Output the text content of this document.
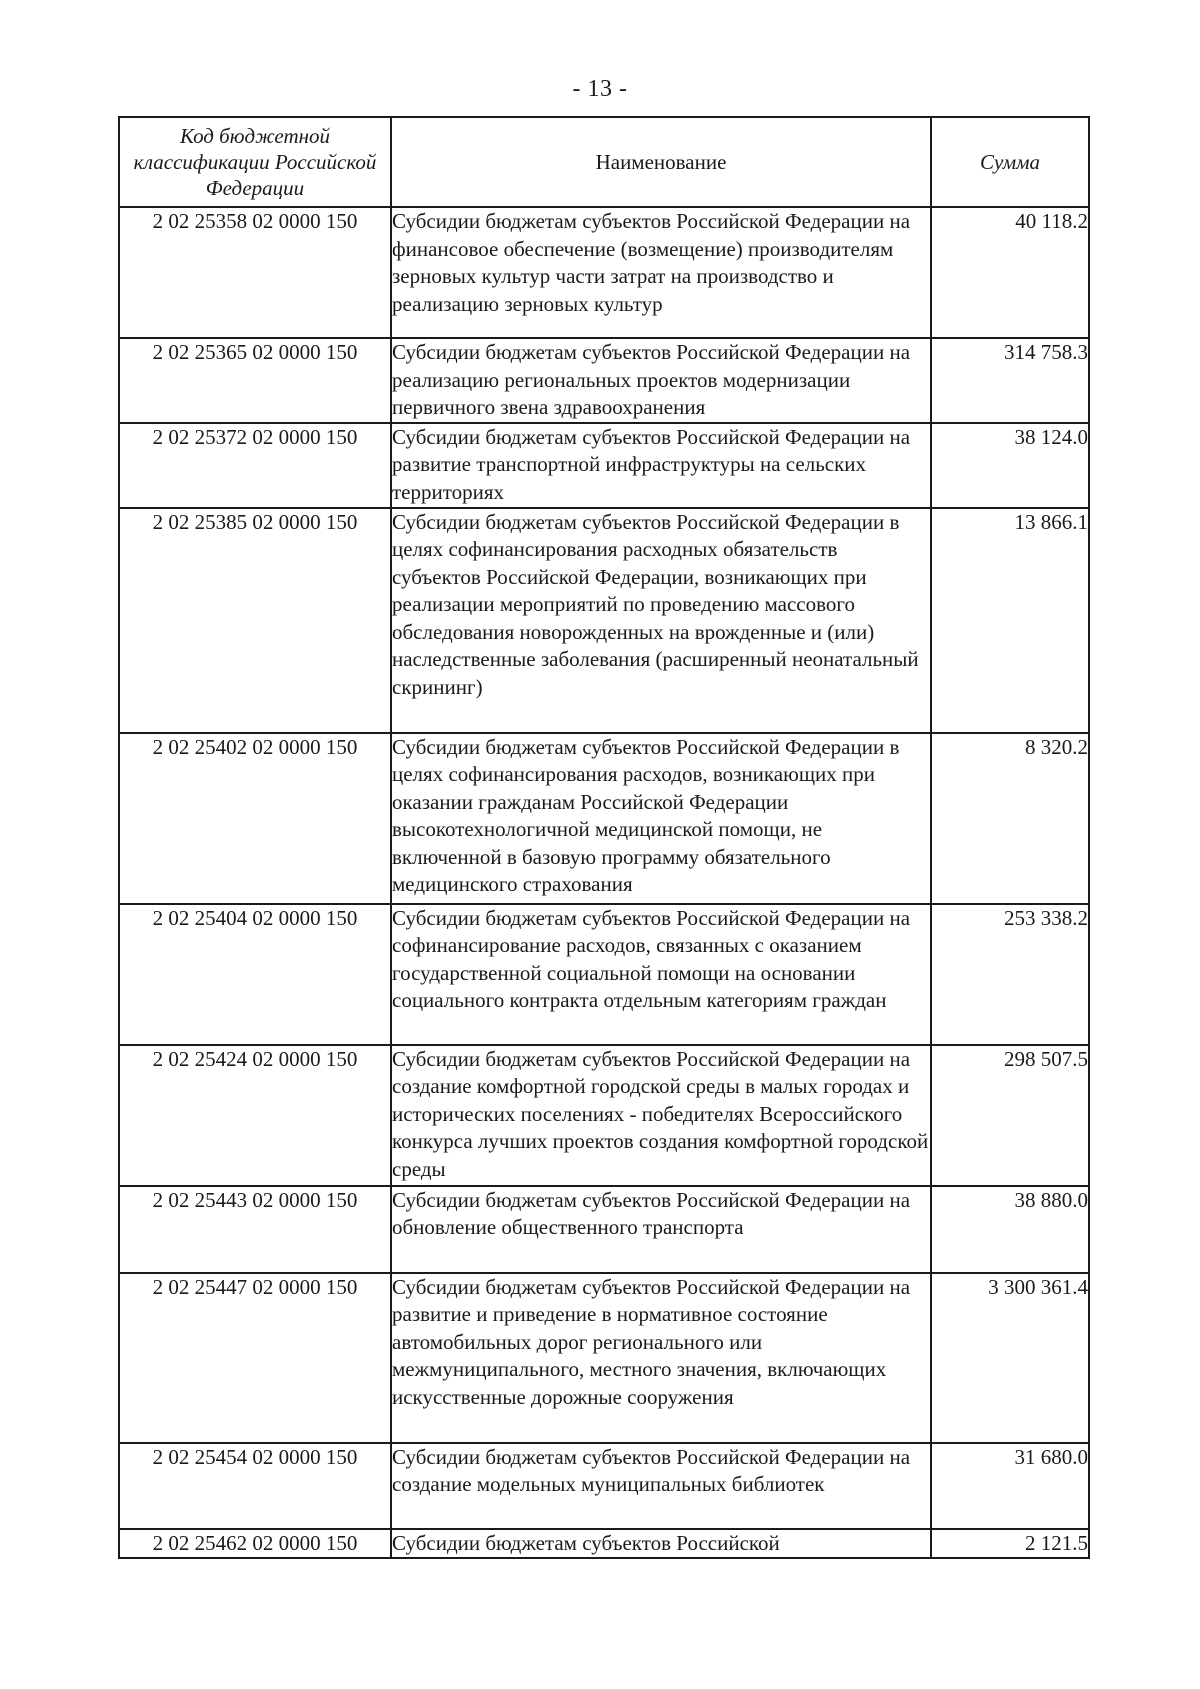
- 13 -
Код бюджетной классификации Российской Федерации	Наименование	Сумма
2 02 25358 02 0000 150	Субсидии бюджетам субъектов Российской Федерации на финансовое обеспечение (возмещение) производителям зерновых культур части затрат на производство и реализацию зерновых культур	40 118.2
2 02 25365 02 0000 150	Субсидии бюджетам субъектов Российской Федерации на реализацию региональных проектов модернизации первичного звена здравоохранения	314 758.3
2 02 25372 02 0000 150	Субсидии бюджетам субъектов Российской Федерации на развитие транспортной инфраструктуры на сельских территориях	38 124.0
2 02 25385 02 0000 150	Субсидии бюджетам субъектов Российской Федерации в целях софинансирования расходных обязательств субъектов Российской Федерации, возникающих при реализации мероприятий по проведению массового обследования новорожденных на врожденные и (или) наследственные заболевания (расширенный неонатальный скрининг)	13 866.1
2 02 25402 02 0000 150	Субсидии бюджетам субъектов Российской Федерации в целях софинансирования расходов, возникающих при оказании гражданам Российской Федерации высокотехнологичной медицинской помощи, не включенной в базовую программу обязательного медицинского страхования	8 320.2
2 02 25404 02 0000 150	Субсидии бюджетам субъектов Российской Федерации на софинансирование расходов, связанных с оказанием государственной социальной помощи на основании социального контракта отдельным категориям граждан	253 338.2
2 02 25424 02 0000 150	Субсидии бюджетам субъектов Российской Федерации на создание комфортной городской среды в малых городах и исторических поселениях - победителях Всероссийского конкурса лучших проектов создания комфортной городской среды	298 507.5
2 02 25443 02 0000 150	Субсидии бюджетам субъектов Российской Федерации на обновление общественного транспорта	38 880.0
2 02 25447 02 0000 150	Субсидии бюджетам субъектов Российской Федерации на развитие и приведение в нормативное состояние автомобильных дорог регионального или межмуниципального, местного значения, включающих искусственные дорожные сооружения	3 300 361.4
2 02 25454 02 0000 150	Субсидии бюджетам субъектов Российской Федерации на создание модельных муниципальных библиотек	31 680.0
2 02 25462 02 0000 150	Субсидии бюджетам субъектов Российской	2 121.5
